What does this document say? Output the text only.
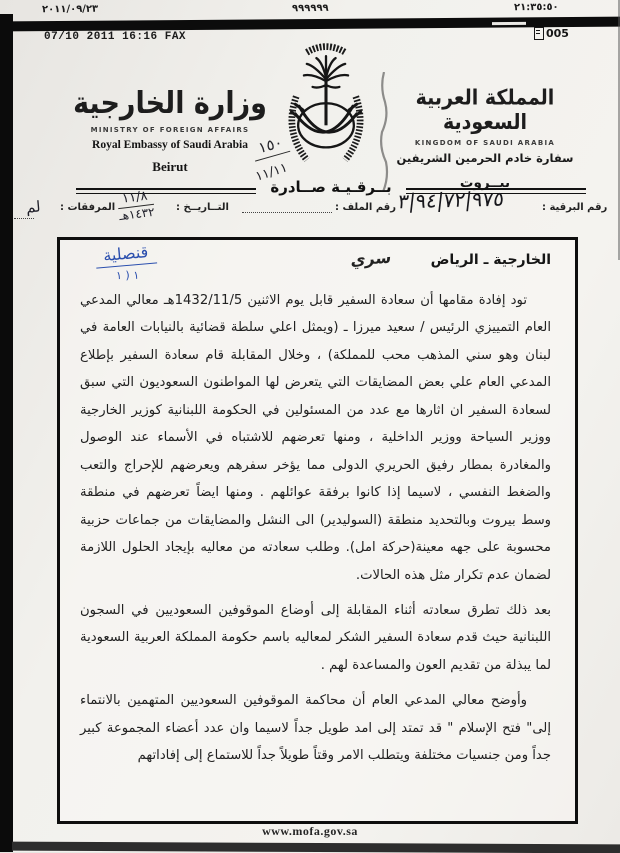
٢٠١١/٠٩/٢٣	٩٩٩٩٩٩	٢١:٣٥:٥٠
07/10 2011 16:16 FAX	005
وزارة الخارجية
MINISTRY OF FOREIGN AFFAIRS
Royal Embassy of Saudi Arabia
Beirut
١٥٠
١١/١١
المملكة العربية السعودية
KINGDOM OF SAUDI ARABIA
سفارة خادم الحرمين الشريفين
بيــروت
بــرقـيـة صــادرة
رقم البرقية :
٩٧٥|٧٢|٩٤|٣
رقم الملف :
التــاريــخ :
١١/٨
١٤٣٢هـ
المرفقات :
لم
قنصلية
١ ( ١
الخارجية ـ الرياض سري

تود إفادة مقامها أن سعادة السفير قابل يوم الاثنين 1432/11/5هـ معالي المدعي العام التمييزي الرئيس / سعيد ميرزا ـ (ويمثل اعلي سلطة قضائية بالنيابات العامة في لبنان وهو سني المذهب محب للمملكة) ، وخلال المقابلة قام سعادة السفير بإطلاع المدعي العام علي بعض المضايقات التي يتعرض لها المواطنون السعوديون التي سبق لسعادة السفير ان اثارها مع عدد من المسئولين في الحكومة اللبنانية كوزير الخارجية ووزير السياحة ووزير الداخلية ، ومنها تعرضهم للاشتباه في الأسماء عند الوصول والمغادرة بمطار رفيق الحريري الدولى مما يؤخر سفرهم ويعرضهم للإحراج والتعب والضغط النفسي ، لاسيما إذا كانوا برفقة عوائلهم . ومنها ايضاً تعرضهم في منطقة وسط بيروت وبالتحديد منطقة (السوليدير) الى النشل والمضايقات من جماعات حزبية محسوبة على جهه معينة(حركة امل). وطلب سعادته من معاليه بإيجاد الحلول اللازمة لضمان عدم تكرار مثل هذه الحالات.

بعد ذلك تطرق سعادته أثناء المقابلة إلى أوضاع الموقوفين السعوديين في السجون اللبنانية حيث قدم سعادة السفير الشكر لمعاليه باسم حكومة المملكة العربية السعودية لما يبذلة من تقديم العون والمساعدة لهم .

وأوضح معالي المدعي العام أن محاكمة الموقوفين السعوديين المتهمين بالانتماء إلى" فتح الإسلام " قد تمتد إلى امد طويل جداً لاسيما وان عدد أعضاء المجموعة كبير جداً ومن جنسيات مختلفة ويتطلب الامر وقتاً طويلاً جداً للاستماع إلى إفاداتهم

www.mofa.gov.sa
